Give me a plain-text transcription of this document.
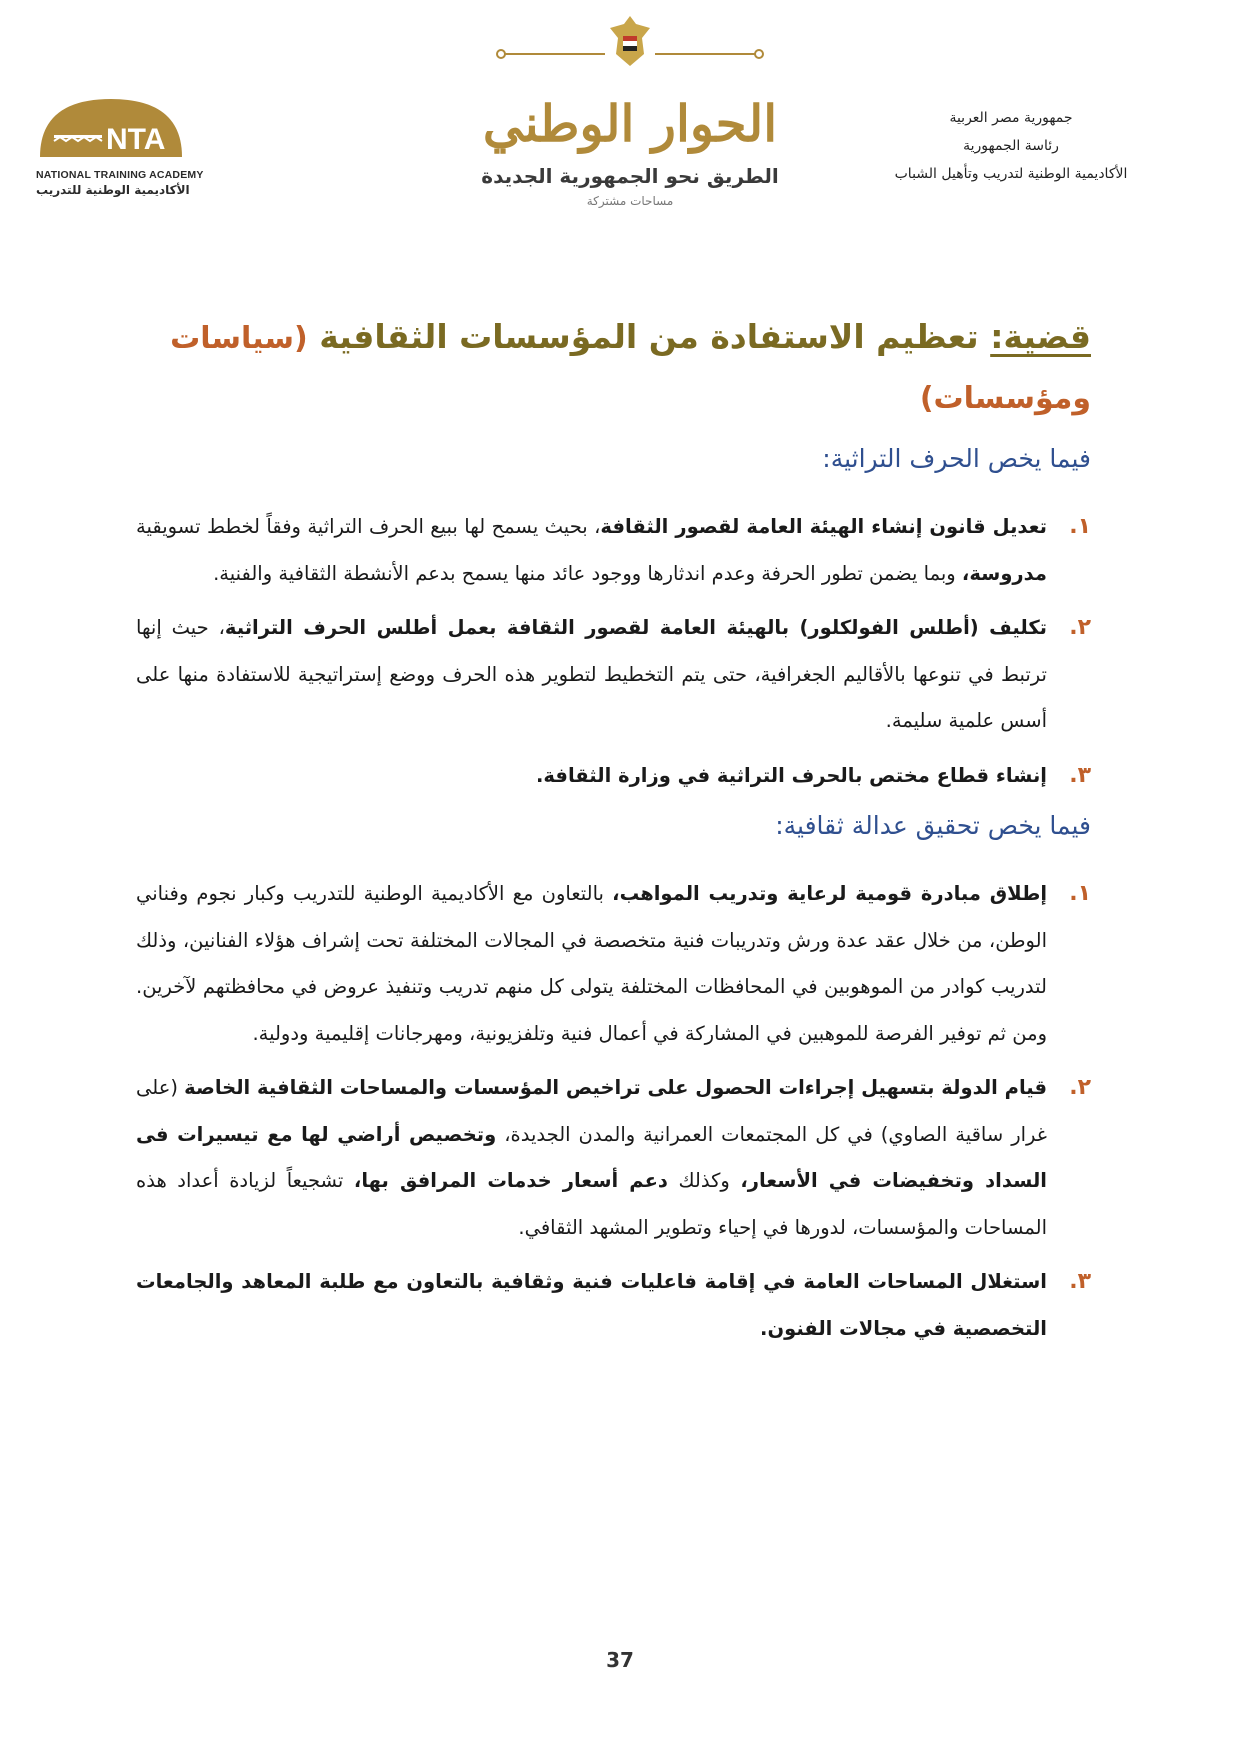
جمهورية مصر العربية
رئاسة الجمهورية
الأكاديمية الوطنية لتدريب وتأهيل الشباب
NTA
NATIONAL TRAINING ACADEMY
الأكاديمية الوطنية للتدريب
الحوار الوطني
الطريق نحو الجمهورية الجديدة
مساحات مشتركة
قضية: تعظيم الاستفادة من المؤسسات الثقافية (سياسات ومؤسسات)
فيما يخص الحرف التراثية:
١.
تعديل قانون إنشاء الهيئة العامة لقصور الثقافة، بحيث يسمح لها ببيع الحرف التراثية وفقاً لخطط تسويقية مدروسة، وبما يضمن تطور الحرفة وعدم اندثارها ووجود عائد منها يسمح بدعم الأنشطة الثقافية والفنية.
٢.
تكليف (أطلس الفولكلور) بالهيئة العامة لقصور الثقافة بعمل أطلس الحرف التراثية، حيث إنها ترتبط في تنوعها بالأقاليم الجغرافية، حتى يتم التخطيط لتطوير هذه الحرف ووضع إستراتيجية للاستفادة منها على أسس علمية سليمة.
٣.
إنشاء قطاع مختص بالحرف التراثية في وزارة الثقافة.
فيما يخص تحقيق عدالة ثقافية:
١.
إطلاق مبادرة قومية لرعاية وتدريب المواهب، بالتعاون مع الأكاديمية الوطنية للتدريب وكبار نجوم وفناني الوطن، من خلال عقد عدة ورش وتدريبات فنية متخصصة في المجالات المختلفة تحت إشراف هؤلاء الفنانين، وذلك لتدريب كوادر من الموهوبين في المحافظات المختلفة يتولى كل منهم تدريب وتنفيذ عروض في محافظتهم لآخرين. ومن ثم توفير الفرصة للموهبين في المشاركة في أعمال فنية وتلفزيونية، ومهرجانات إقليمية ودولية.
٢.
قيام الدولة بتسهيل إجراءات الحصول على تراخيص المؤسسات والمساحات الثقافية الخاصة (على غرار ساقية الصاوي) في كل المجتمعات العمرانية والمدن الجديدة، وتخصيص أراضي لها مع تيسيرات فى السداد وتخفيضات في الأسعار، وكذلك دعم أسعار خدمات المرافق بها، تشجيعاً لزيادة أعداد هذه المساحات والمؤسسات، لدورها في إحياء وتطوير المشهد الثقافي.
٣.
استغلال المساحات العامة في إقامة فاعليات فنية وثقافية بالتعاون مع طلبة المعاهد والجامعات التخصصية في مجالات الفنون.
37
